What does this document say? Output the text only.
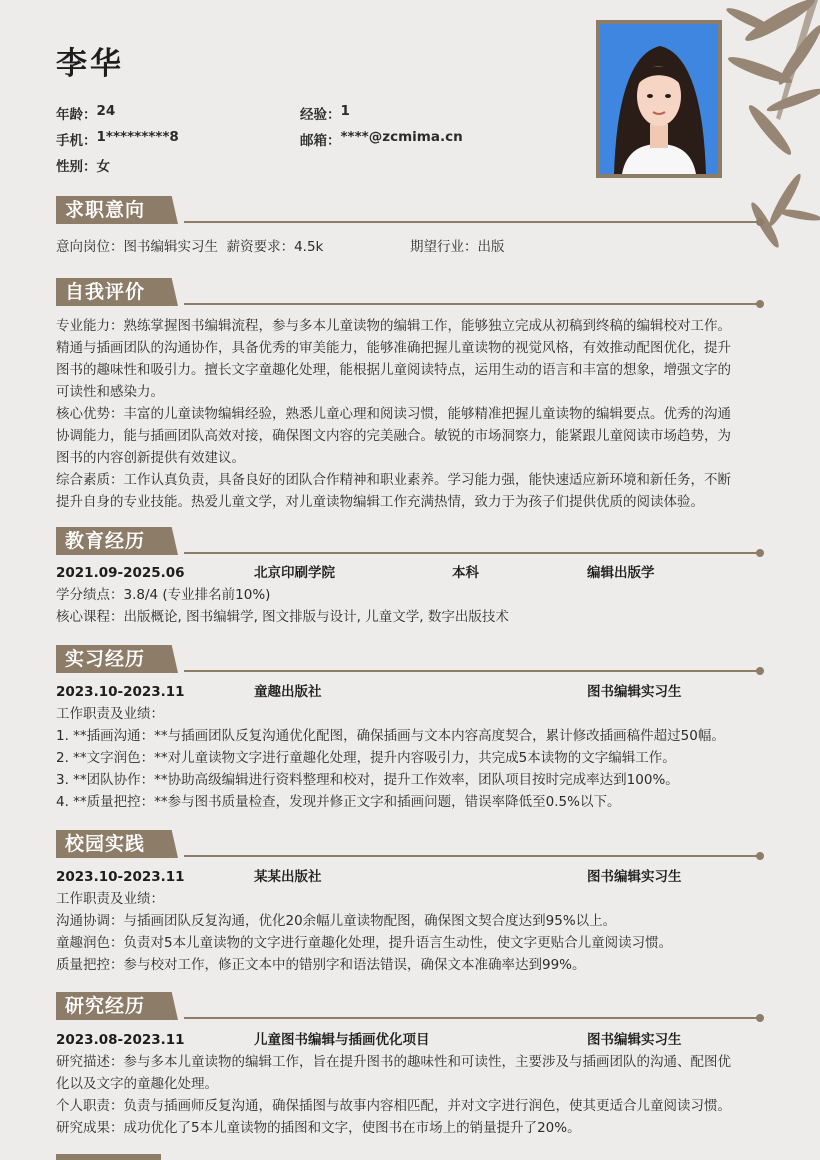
李华
年龄： 24	经验： 1
手机： 1*********8	邮箱： ****@zcmima.cn
性别： 女
求职意向
意向岗位：图书编辑实习生  薪资要求：4.5k	期望行业：出版
自我评价
专业能力：熟练掌握图书编辑流程，参与多本儿童读物的编辑工作，能够独立完成从初稿到终稿的编辑校对工作。
精通与插画团队的沟通协作，具备优秀的审美能力，能够准确把握儿童读物的视觉风格，有效推动配图优化，提升
图书的趣味性和吸引力。擅长文字童趣化处理，能根据儿童阅读特点，运用生动的语言和丰富的想象，增强文字的
可读性和感染力。
核心优势：丰富的儿童读物编辑经验，熟悉儿童心理和阅读习惯，能够精准把握儿童读物的编辑要点。优秀的沟通
协调能力，能与插画团队高效对接，确保图文内容的完美融合。敏锐的市场洞察力，能紧跟儿童阅读市场趋势，为
图书的内容创新提供有效建议。
综合素质：工作认真负责，具备良好的团队合作精神和职业素养。学习能力强，能快速适应新环境和新任务，不断
提升自身的专业技能。热爱儿童文学，对儿童读物编辑工作充满热情，致力于为孩子们提供优质的阅读体验。
教育经历
2021.09-2025.06	北京印刷学院	本科	编辑出版学
学分绩点：3.8/4 (专业排名前10%)
核心课程：出版概论, 图书编辑学, 图文排版与设计, 儿童文学, 数字出版技术
实习经历
2023.10-2023.11	童趣出版社	图书编辑实习生
工作职责及业绩：
1. **插画沟通：**与插画团队反复沟通优化配图，确保插画与文本内容高度契合，累计修改插画稿件超过50幅。
2. **文字润色：**对儿童读物文字进行童趣化处理，提升内容吸引力，共完成5本读物的文字编辑工作。
3. **团队协作：**协助高级编辑进行资料整理和校对，提升工作效率，团队项目按时完成率达到100%。
4. **质量把控：**参与图书质量检查，发现并修正文字和插画问题，错误率降低至0.5%以下。
校园实践
2023.10-2023.11	某某出版社	图书编辑实习生
工作职责及业绩：
沟通协调：与插画团队反复沟通，优化20余幅儿童读物配图，确保图文契合度达到95%以上。
童趣润色：负责对5本儿童读物的文字进行童趣化处理，提升语言生动性，使文字更贴合儿童阅读习惯。
质量把控：参与校对工作，修正文本中的错别字和语法错误，确保文本准确率达到99%。
研究经历
2023.08-2023.11	儿童图书编辑与插画优化项目	图书编辑实习生
研究描述：参与多本儿童读物的编辑工作，旨在提升图书的趣味性和可读性，主要涉及与插画团队的沟通、配图优
化以及文字的童趣化处理。
个人职责：负责与插画师反复沟通，确保插图与故事内容相匹配，并对文字进行润色，使其更适合儿童阅读习惯。
研究成果：成功优化了5本儿童读物的插图和文字，使图书在市场上的销量提升了20%。
